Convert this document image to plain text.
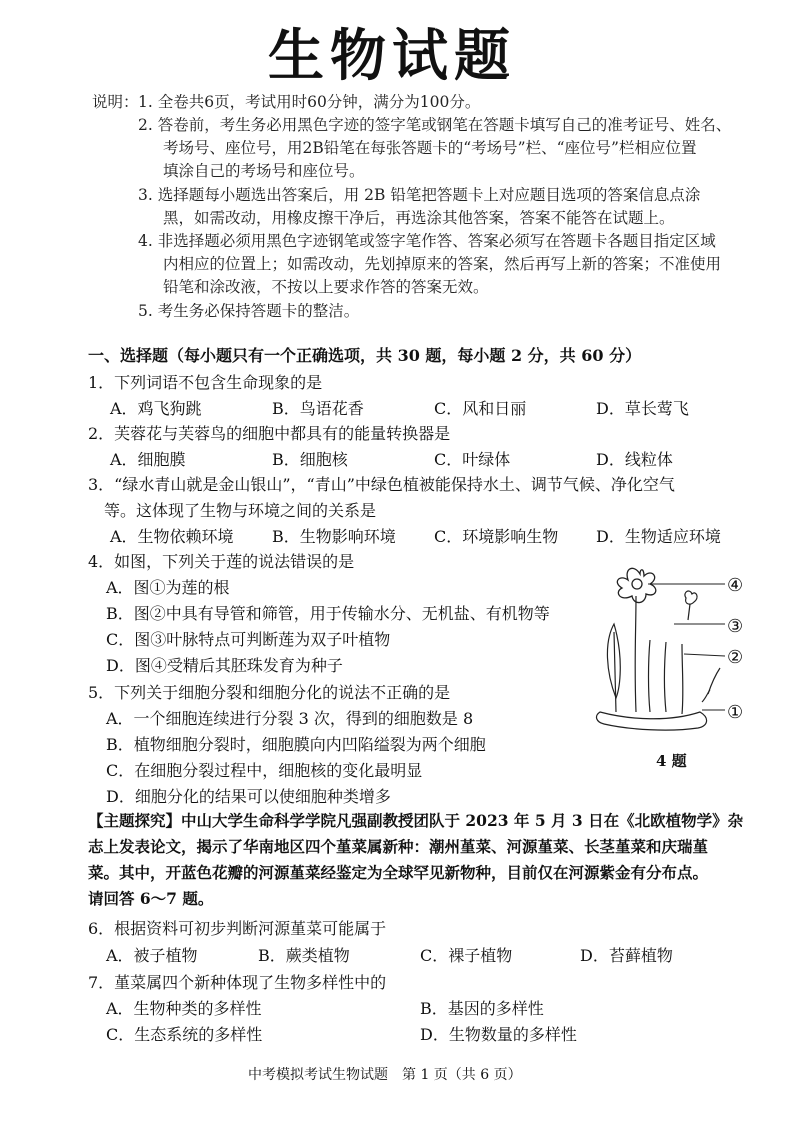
生物试题
说明： 1. 全卷共6页，考试用时60分钟，满分为100分。
2. 答卷前，考生务必用黑色字迹的签字笔或钢笔在答题卡填写自己的准考证号、姓名、
考场号、座位号，用2B铅笔在每张答题卡的“考场号”栏、“座位号”栏相应位置
填涂自己的考场号和座位号。
3. 选择题每小题选出答案后，用 2B 铅笔把答题卡上对应题目选项的答案信息点涂
黑，如需改动，用橡皮擦干净后，再选涂其他答案，答案不能答在试题上。
4. 非选择题必须用黑色字迹钢笔或签字笔作答、答案必须写在答题卡各题目指定区域
内相应的位置上；如需改动，先划掉原来的答案，然后再写上新的答案；不准使用
铅笔和涂改液，不按以上要求作答的答案无效。
5. 考生务必保持答题卡的整洁。
一、选择题（每小题只有一个正确选项，共 30 题，每小题 2 分，共 60 分）
1．下列词语不包含生命现象的是
A．鸡飞狗跳	B．鸟语花香	C．风和日丽	D．草长莺飞
2．芙蓉花与芙蓉鸟的细胞中都具有的能量转换器是
A．细胞膜	B．细胞核	C．叶绿体	D．线粒体
3．“绿水青山就是金山银山”，“青山”中绿色植被能保持水土、调节气候、净化空气
等。这体现了生物与环境之间的关系是
A．生物依赖环境 B．生物影响环境 C．环境影响生物 D．生物适应环境
4．如图，下列关于莲的说法错误的是
A．图①为莲的根
B．图②中具有导管和筛管，用于传输水分、无机盐、有机物等
C．图③叶脉特点可判断莲为双子叶植物
D．图④受精后其胚珠发育为种子
④
③
②
①
4 题
5．下列关于细胞分裂和细胞分化的说法不正确的是
A．一个细胞连续进行分裂 3 次，得到的细胞数是 8
B．植物细胞分裂时，细胞膜向内凹陷缢裂为两个细胞
C．在细胞分裂过程中，细胞核的变化最明显
D．细胞分化的结果可以使细胞种类增多
【主题探究】中山大学生命科学学院凡强副教授团队于 2023 年 5 月 3 日在《北欧植物学》杂
志上发表论文，揭示了华南地区四个堇菜属新种：潮州堇菜、河源堇菜、长茎堇菜和庆瑞堇
菜。其中，开蓝色花瓣的河源堇菜经鉴定为全球罕见新物种，目前仅在河源紫金有分布点。
请回答 6～7 题。
6．根据资料可初步判断河源堇菜可能属于
A．被子植物	B．蕨类植物	C．裸子植物	D．苔藓植物
7．堇菜属四个新种体现了生物多样性中的
A．生物种类的多样性	B．基因的多样性
C．生态系统的多样性	D．生物数量的多样性
中考模拟考试生物试题　第 1 页（共 6 页）
